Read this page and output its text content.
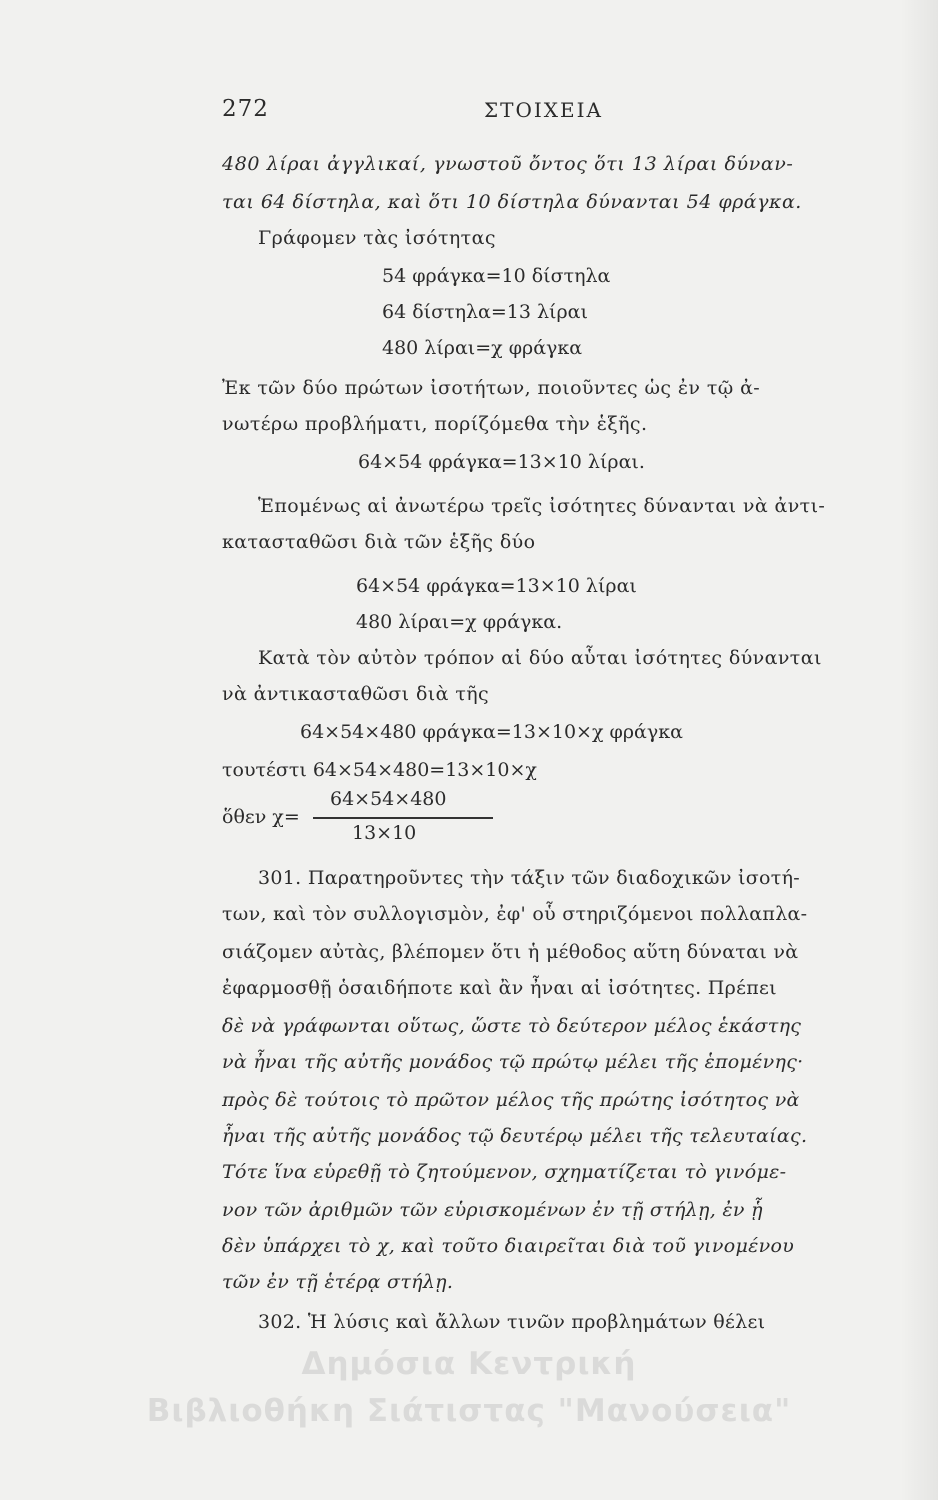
272	ΣΤΟΙΧΕΙΑ
480 λίραι ἀγγλικαί, γνωστοῦ ὄντος ὅτι 13 λίραι δύναν-
ται 64 δίστηλα, καὶ ὅτι 10 δίστηλα δύνανται 54 φράγκα.
Γράφομεν τὰς ἰσότητας
54 φράγκα=10 δίστηλα
64 δίστηλα=13 λίραι
480 λίραι=χ φράγκα
Ἐκ τῶν δύο πρώτων ἰσοτήτων, ποιοῦντες ὡς ἐν τῷ ἀ-
νωτέρω προβλήματι, πορίζόμεθα τὴν ἑξῆς.
64×54 φράγκα=13×10 λίραι.
Ἑπομένως αἱ ἀνωτέρω τρεῖς ἰσότητες δύνανται νὰ ἀντι-
κατασταθῶσι διὰ τῶν ἑξῆς δύο
64×54 φράγκα=13×10 λίραι
480 λίραι=χ φράγκα.
Κατὰ τὸν αὐτὸν τρόπον αἱ δύο αὗται ἰσότητες δύνανται
νὰ ἀντικασταθῶσι διὰ τῆς
64×54×480 φράγκα=13×10×χ φράγκα
τουτέστι 64×54×480=13×10×χ
ὅθεν χ=
64×54×480
13×10
301. Παρατηροῦντες τὴν τάξιν τῶν διαδοχικῶν ἰσοτή-
των, καὶ τὸν συλλογισμὸν, ἐφ' οὗ στηριζόμενοι πολλαπλα-
σιάζομεν αὐτὰς, βλέπομεν ὅτι ἡ μέθοδος αὕτη δύναται νὰ
ἐφαρμοσθῇ ὁσαιδήποτε καὶ ἂν ἦναι αἱ ἰσότητες. Πρέπει
δὲ νὰ γράφωνται οὕτως, ὥστε τὸ δεύτερον μέλος ἑκάστης
νὰ ἦναι τῆς αὐτῆς μονάδος τῷ πρώτῳ μέλει τῆς ἑπομένης·
πρὸς δὲ τούτοις τὸ πρῶτον μέλος τῆς πρώτης ἰσότητος νὰ
ἦναι τῆς αὐτῆς μονάδος τῷ δευτέρῳ μέλει τῆς τελευταίας.
Τότε ἵνα εὑρεθῇ τὸ ζητούμενον, σχηματίζεται τὸ γινόμε-
νον τῶν ἀριθμῶν τῶν εὑρισκομένων ἐν τῇ στήλῃ, ἐν ᾗ
δὲν ὑπάρχει τὸ χ, καὶ τοῦτο διαιρεῖται διὰ τοῦ γινομένου
τῶν ἐν τῇ ἑτέρᾳ στήλῃ.
302. Ἡ λύσις καὶ ἄλλων τινῶν προβλημάτων θέλει
Δημόσια Κεντρική
Βιβλιοθήκη Σιάτιστας "Μανούσεια"
